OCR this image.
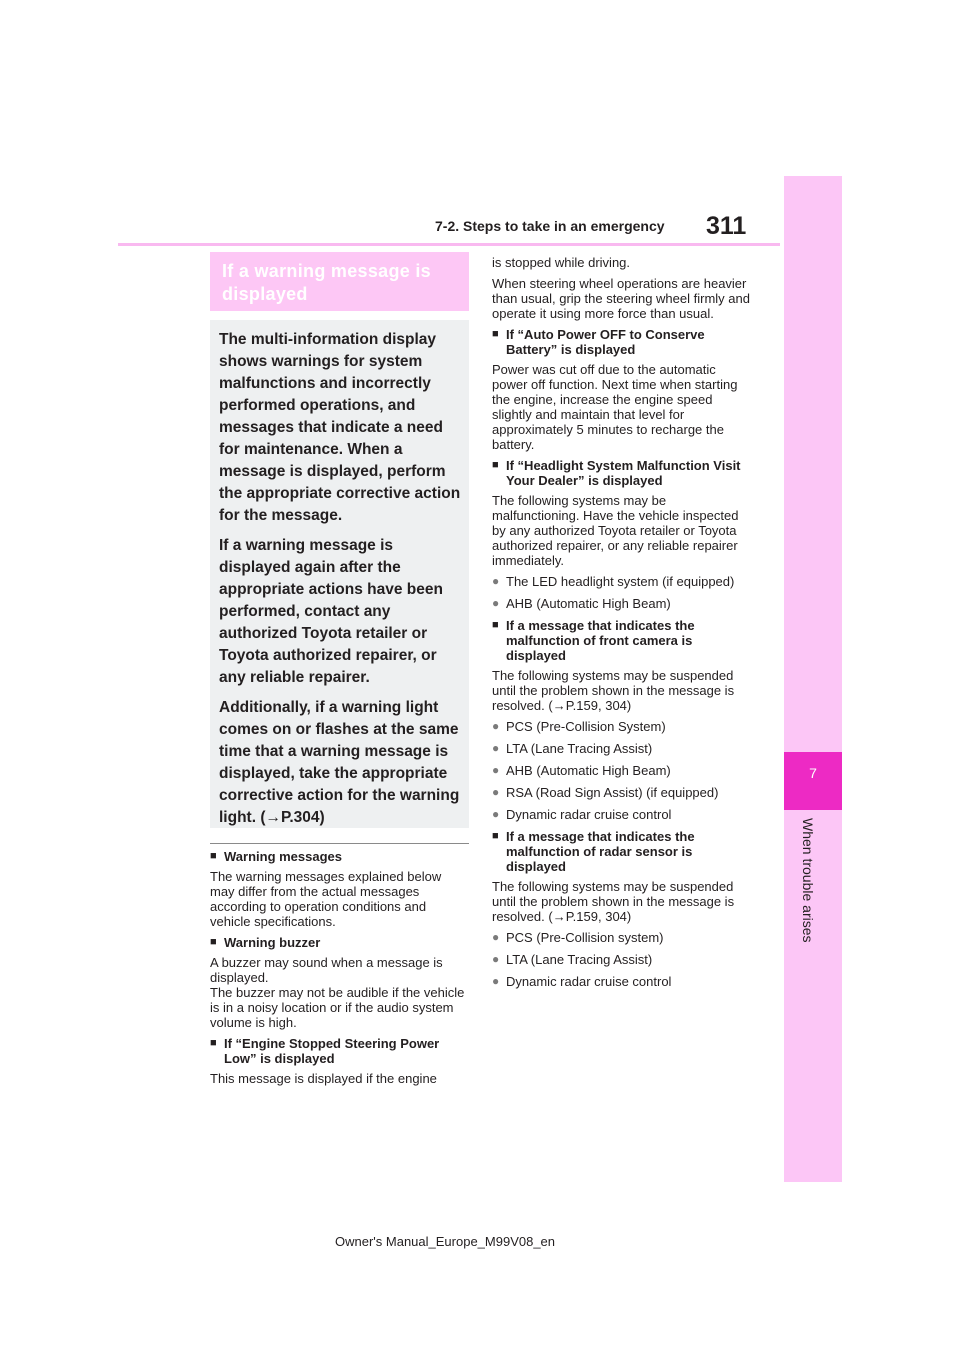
7-2. Steps to take in an emergency 311
7
When trouble arises
If a warning message is displayed

The multi-information display shows warnings for system malfunctions and incorrectly performed operations, and messages that indicate a need for maintenance. When a message is displayed, perform the appropriate corrective action for the message.

If a warning message is displayed again after the appropriate actions have been performed, contact any authorized Toyota retailer or Toyota authorized repairer, or any reliable repairer.

Additionally, if a warning light comes on or flashes at the same time that a warning message is displayed, take the appropriate corrective action for the warning light. (→P.304)

■ Warning messages

The warning messages explained below may differ from the actual messages according to operation conditions and vehicle specifications.

■ Warning buzzer

A buzzer may sound when a message is displayed.

The buzzer may not be audible if the vehicle is in a noisy location or if the audio system volume is high.

■ If “Engine Stopped Steering Power Low” is displayed

This message is displayed if the engine

is stopped while driving.

When steering wheel operations are heavier than usual, grip the steering wheel firmly and operate it using more force than usual.

■ If “Auto Power OFF to Conserve Battery” is displayed

Power was cut off due to the automatic power off function. Next time when starting the engine, increase the engine speed slightly and maintain that level for approximately 5 minutes to recharge the battery.

■ If “Headlight System Malfunction Visit Your Dealer” is displayed

The following systems may be malfunctioning. Have the vehicle inspected by any authorized Toyota retailer or Toyota authorized repairer, or any reliable repairer immediately.

● The LED headlight system (if equipped)
● AHB (Automatic High Beam)
■ If a message that indicates the malfunction of front camera is displayed

The following systems may be suspended until the problem shown in the message is resolved. (→P.159, 304)

● PCS (Pre-Collision System)
● LTA (Lane Tracing Assist)
● AHB (Automatic High Beam)
● RSA (Road Sign Assist) (if equipped)
● Dynamic radar cruise control
■ If a message that indicates the malfunction of radar sensor is displayed

The following systems may be suspended until the problem shown in the message is resolved. (→P.159, 304)

● PCS (Pre-Collision system)
● LTA (Lane Tracing Assist)
● Dynamic radar cruise control
Owner's Manual_Europe_M99V08_en
